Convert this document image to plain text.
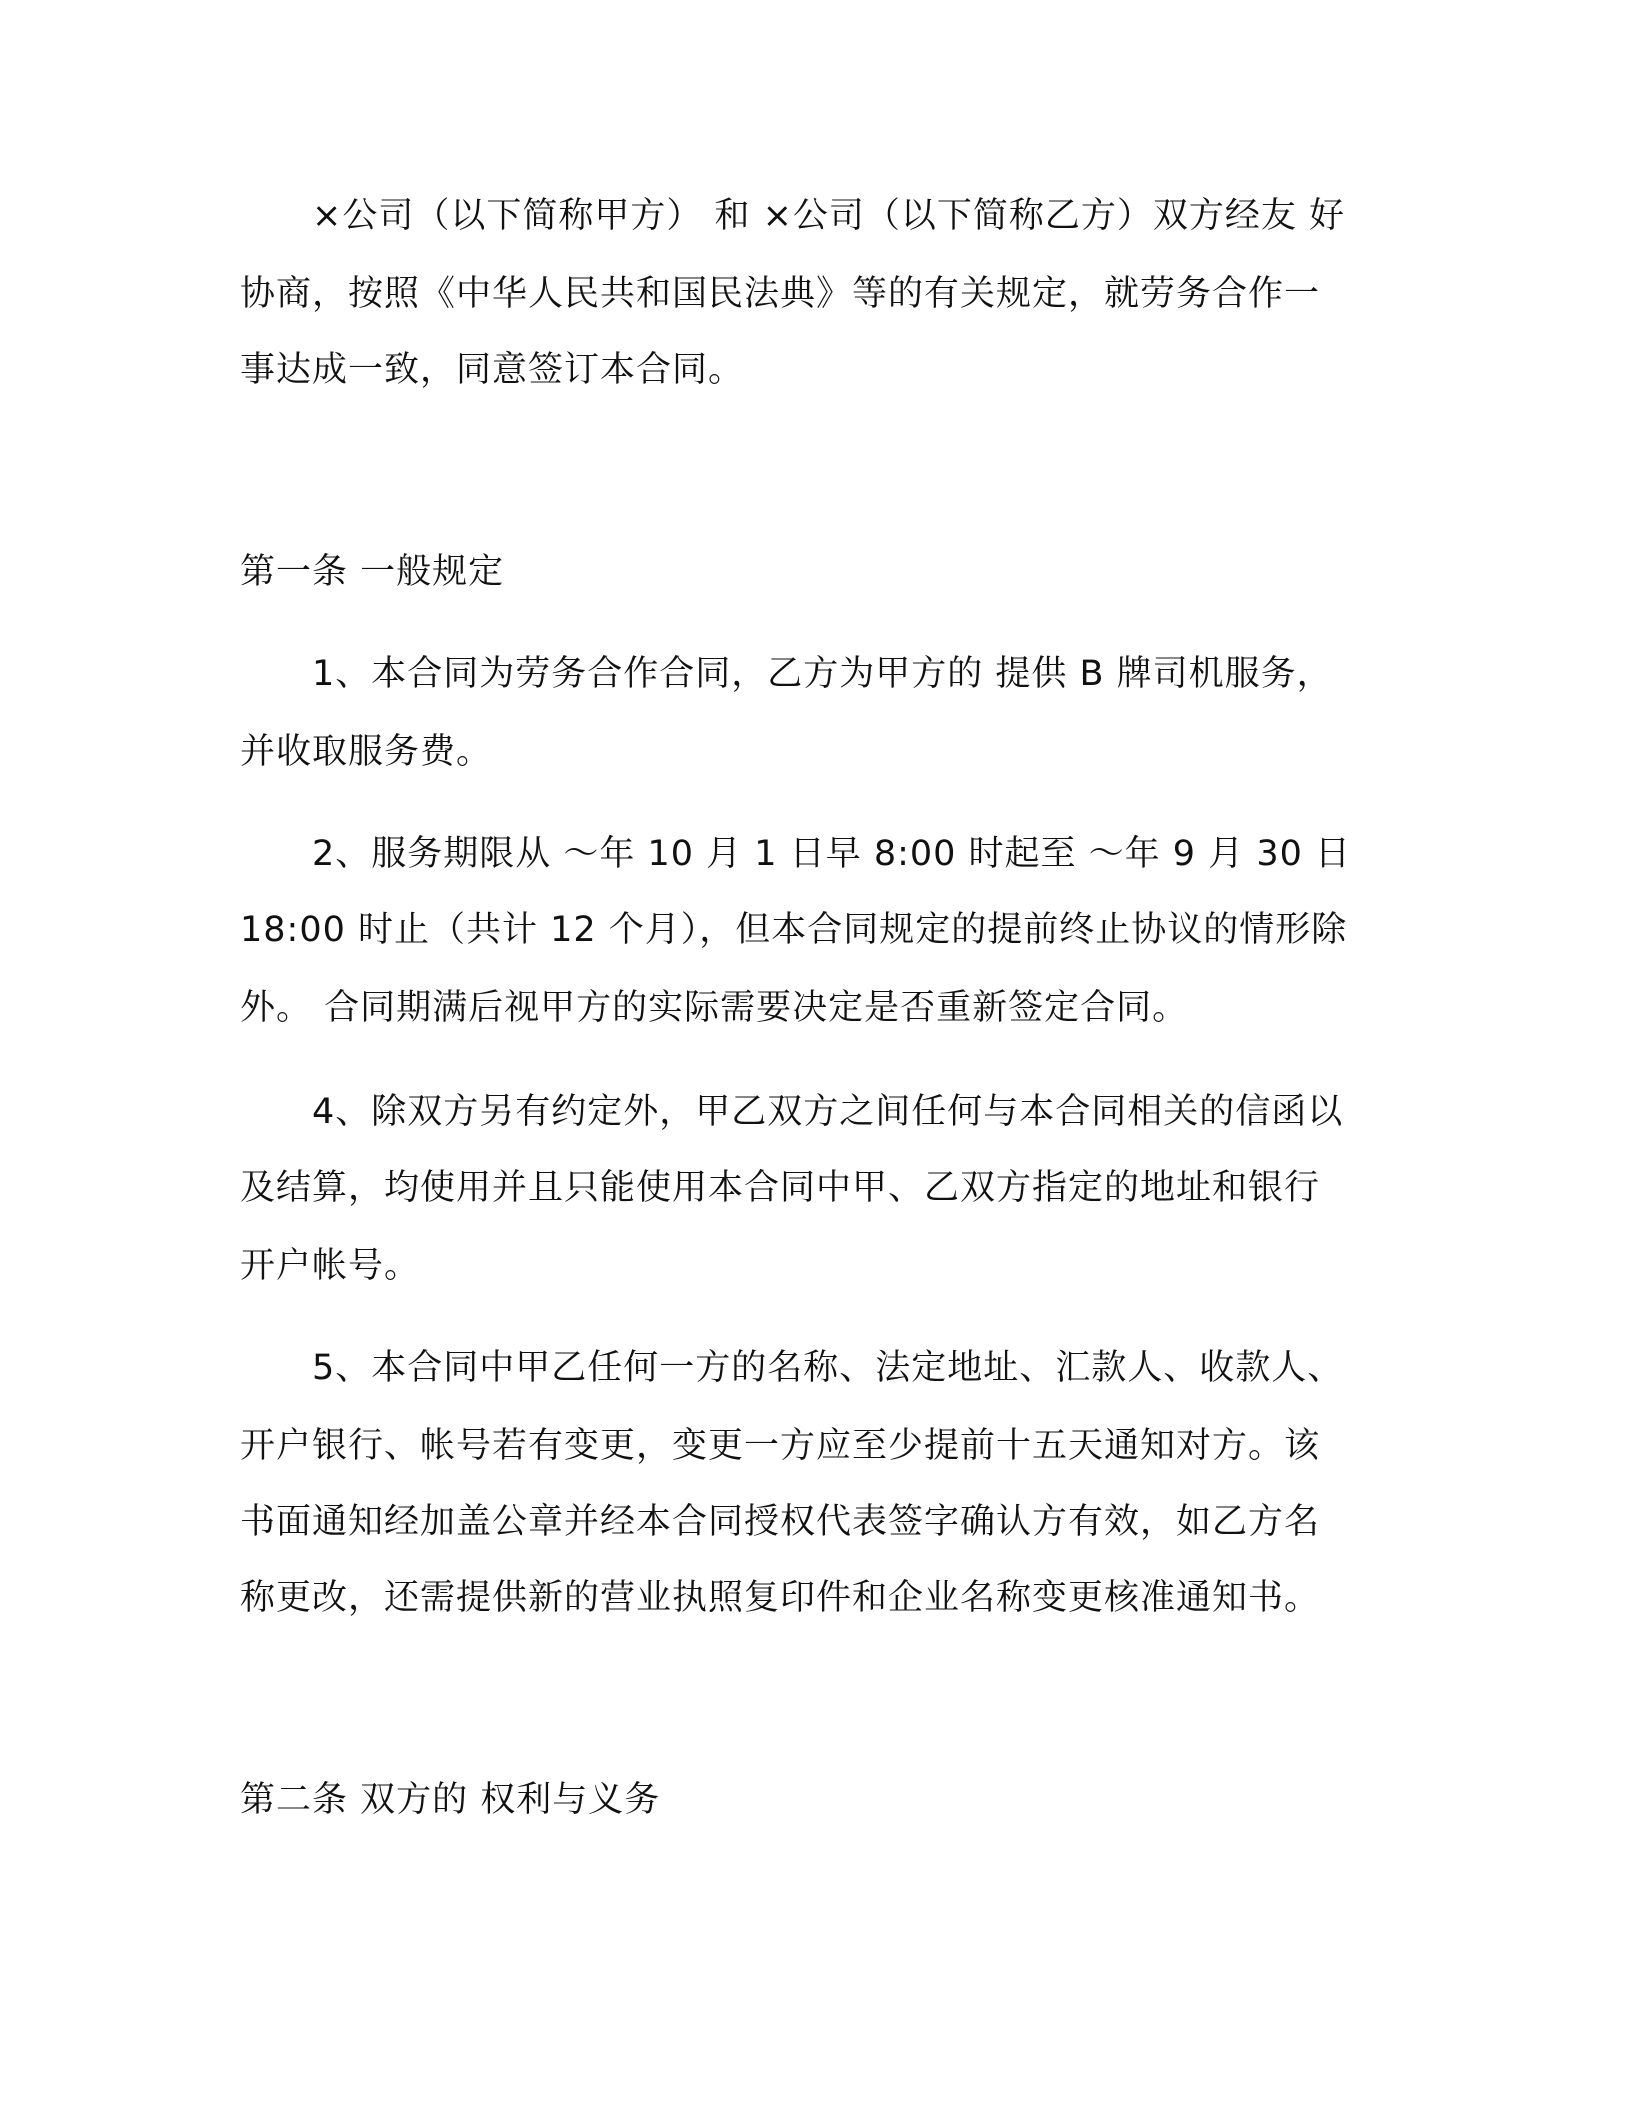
×公司（以下简称甲方） 和 ×公司（以下简称乙方）双方经友 好
协商，按照《中华人民共和国民法典》等的有关规定，就劳务合作一
事达成一致，同意签订本合同。
第一条 一般规定
1、本合同为劳务合作合同，乙方为甲方的 提供 B 牌司机服务，
并收取服务费。
2、服务期限从 ～年 10 月 1 日早 8:00 时起至 ～年 9 月 30 日
18:00 时止（共计 12 个月），但本合同规定的提前终止协议的情形除
外。 合同期满后视甲方的实际需要决定是否重新签定合同。
4、除双方另有约定外，甲乙双方之间任何与本合同相关的信函以
及结算，均使用并且只能使用本合同中甲、乙双方指定的地址和银行
开户帐号。
5、本合同中甲乙任何一方的名称、法定地址、汇款人、收款人、
开户银行、帐号若有变更，变更一方应至少提前十五天通知对方。该
书面通知经加盖公章并经本合同授权代表签字确认方有效，如乙方名
称更改，还需提供新的营业执照复印件和企业名称变更核准通知书。
第二条 双方的 权利与义务
